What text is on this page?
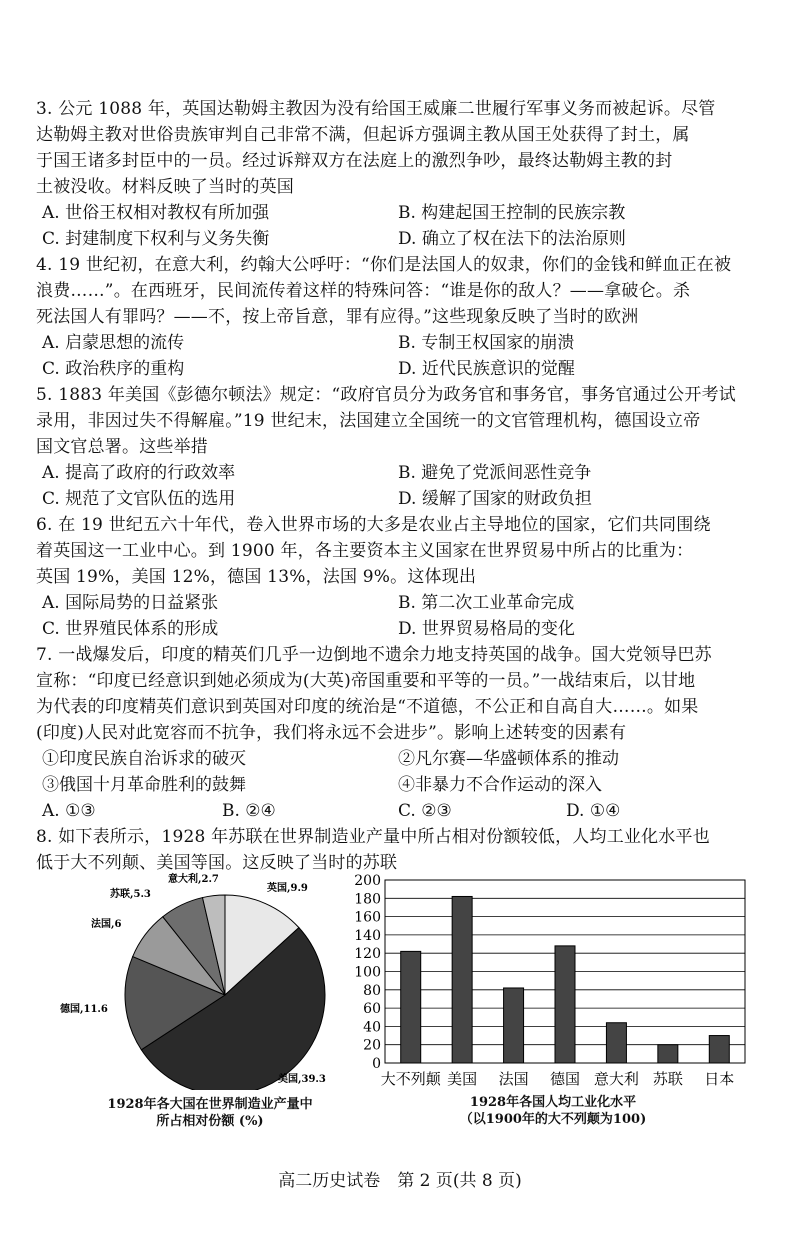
3. 公元 1088 年，英国达勒姆主教因为没有给国王威廉二世履行军事义务而被起诉。尽管

达勒姆主教对世俗贵族审判自己非常不满，但起诉方强调主教从国王处获得了封土，属

于国王诸多封臣中的一员。经过诉辩双方在法庭上的激烈争吵，最终达勒姆主教的封

土被没收。材料反映了当时的英国

A. 世俗王权相对教权有所加强	B. 构建起国王控制的民族宗教
C. 封建制度下权利与义务失衡	D. 确立了权在法下的法治原则

4. 19 世纪初，在意大利，约翰大公呼吁：“你们是法国人的奴隶，你们的金钱和鲜血正在被

浪费……”。在西班牙，民间流传着这样的特殊问答：“谁是你的敌人？——拿破仑。杀

死法国人有罪吗？——不，按上帝旨意，罪有应得。”这些现象反映了当时的欧洲

A. 启蒙思想的流传	B. 专制王权国家的崩溃
C. 政治秩序的重构	D. 近代民族意识的觉醒

5. 1883 年美国《彭德尔顿法》规定：“政府官员分为政务官和事务官，事务官通过公开考试

录用，非因过失不得解雇。”19 世纪末，法国建立全国统一的文官管理机构，德国设立帝

国文官总署。这些举措

A. 提高了政府的行政效率	B. 避免了党派间恶性竞争
C. 规范了文官队伍的选用	D. 缓解了国家的财政负担

6. 在 19 世纪五六十年代，卷入世界市场的大多是农业占主导地位的国家，它们共同围绕

着英国这一工业中心。到 1900 年，各主要资本主义国家在世界贸易中所占的比重为：

英国 19%，美国 12%，德国 13%，法国 9%。这体现出

A. 国际局势的日益紧张	B. 第二次工业革命完成
C. 世界殖民体系的形成	D. 世界贸易格局的变化

7. 一战爆发后，印度的精英们几乎一边倒地不遗余力地支持英国的战争。国大党领导巴苏

宣称：“印度已经意识到她必须成为(大英)帝国重要和平等的一员。”一战结束后，以甘地

为代表的印度精英们意识到英国对印度的统治是“不道德，不公正和自高自大……。如果

(印度)人民对此宽容而不抗争，我们将永远不会进步”。影响上述转变的因素有

①印度民族自治诉求的破灭	②凡尔赛—华盛顿体系的推动
③俄国十月革命胜利的鼓舞	④非暴力不合作运动的深入
A. ①③	B. ②④	C. ②③	D. ①④

8. 如下表所示，1928 年苏联在世界制造业产量中所占相对份额较低，人均工业化水平也

低于大不列颠、美国等国。这反映了当时的苏联

英国,9.9
美国,39.3
德国,11.6
法国,6
苏联,5.3
意大利,2.7
1928年各大国在世界制造业产量中
所占相对份额 (%)
0
20
40
60
80
100
120
140
160
180
200
大不列颠 美国 法国 德国 意大利 苏联 日本
1928年各国人均工业化水平
（以1900年的大不列颠为100)
高二历史试卷　第 2 页(共 8 页)
